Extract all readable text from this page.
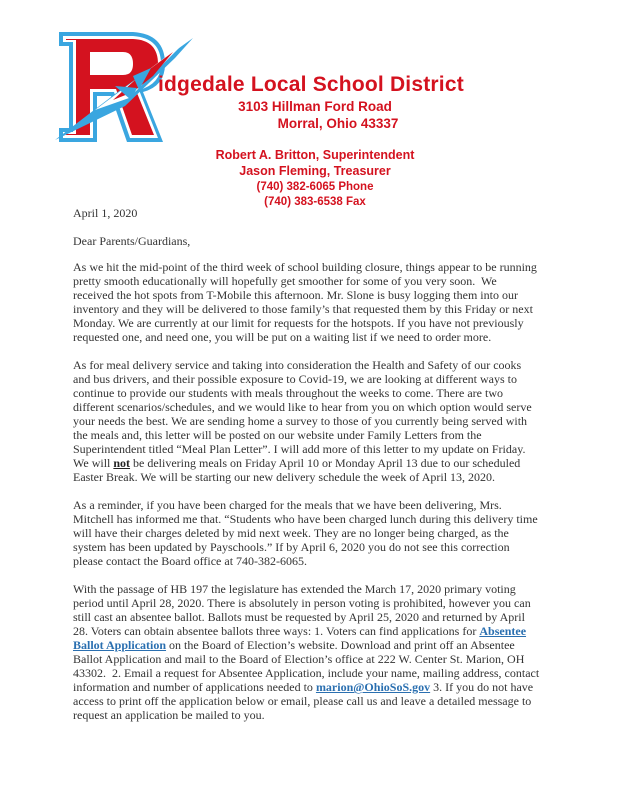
idgedale Local School District
3103 Hillman Ford Road
Morral, Ohio 43337
Robert A. Britton, Superintendent
Jason Fleming, Treasurer
(740) 382-6065 Phone
(740) 383-6538 Fax
April 1, 2020
Dear Parents/Guardians,
As we hit the mid-point of the third week of school building closure, things appear to be running
pretty smooth educationally will hopefully get smoother for some of you very soon.  We
received the hot spots from T-Mobile this afternoon. Mr. Slone is busy logging them into our
inventory and they will be delivered to those family’s that requested them by this Friday or next
Monday. We are currently at our limit for requests for the hotspots. If you have not previously
requested one, and need one, you will be put on a waiting list if we need to order more.
As for meal delivery service and taking into consideration the Health and Safety of our cooks
and bus drivers, and their possible exposure to Covid-19, we are looking at different ways to
continue to provide our students with meals throughout the weeks to come. There are two
different scenarios/schedules, and we would like to hear from you on which option would serve
your needs the best. We are sending home a survey to those of you currently being served with
the meals and, this letter will be posted on our website under Family Letters from the
Superintendent titled “Meal Plan Letter”. I will add more of this letter to my update on Friday.
We will not be delivering meals on Friday April 10 or Monday April 13 due to our scheduled
Easter Break. We will be starting our new delivery schedule the week of April 13, 2020.
As a reminder, if you have been charged for the meals that we have been delivering, Mrs.
Mitchell has informed me that. “Students who have been charged lunch during this delivery time
will have their charges deleted by mid next week. They are no longer being charged, as the
system has been updated by Payschools.” If by April 6, 2020 you do not see this correction
please contact the Board office at 740-382-6065.
With the passage of HB 197 the legislature has extended the March 17, 2020 primary voting
period until April 28, 2020. There is absolutely in person voting is prohibited, however you can
still cast an absentee ballot. Ballots must be requested by April 25, 2020 and returned by April
28. Voters can obtain absentee ballots three ways: 1. Voters can find applications for Absentee
Ballot Application on the Board of Election’s website. Download and print off an Absentee
Ballot Application and mail to the Board of Election’s office at 222 W. Center St. Marion, OH
43302.  2. Email a request for Absentee Application, include your name, mailing address, contact
information and number of applications needed to marion@OhioSoS.gov 3. If you do not have
access to print off the application below or email, please call us and leave a detailed message to
request an application be mailed to you.
